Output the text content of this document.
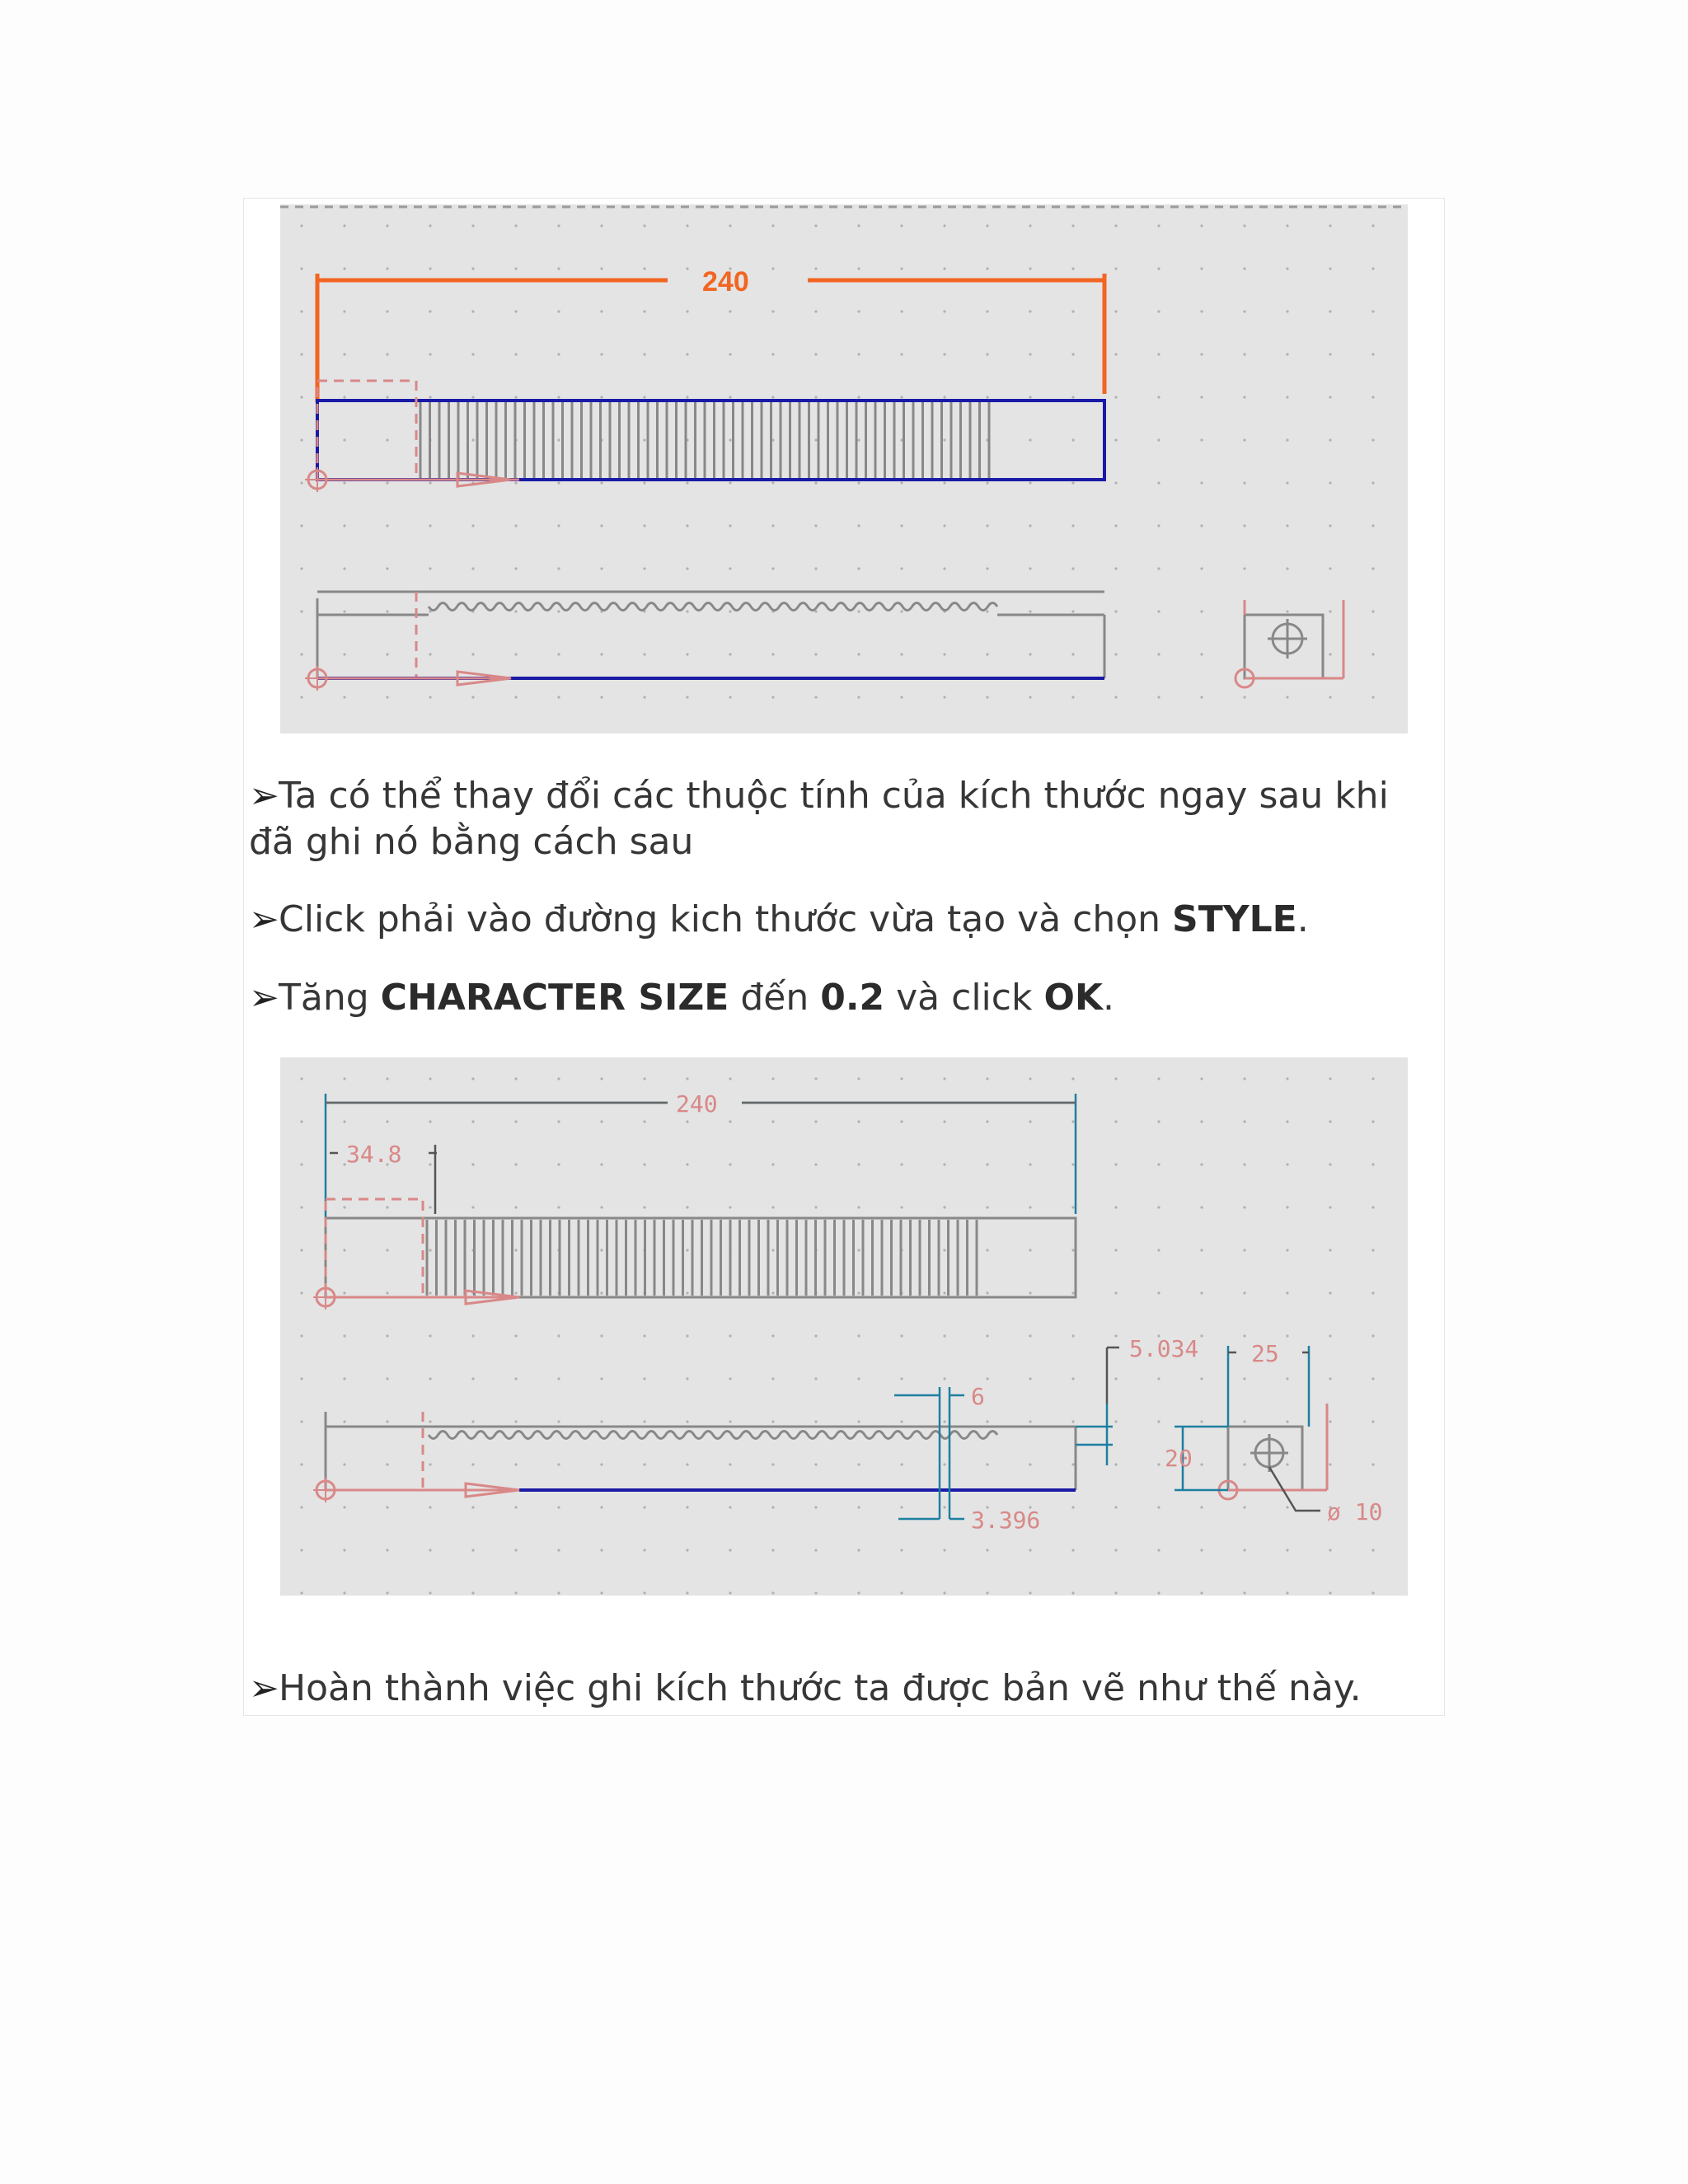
240
➢Ta có thể thay đổi các thuộc tính của kích thước ngay sau khi
đã ghi nó bằng cách sau
➢Click phải vào đường kich thước vừa tạo và chọn STYLE.
➢Tăng CHARACTER SIZE đến 0.2 và click OK.
240
34.8
6
3.396
5.034 25
20
ø 10
➢Hoàn thành việc ghi kích thước ta được bản vẽ như thế này.
